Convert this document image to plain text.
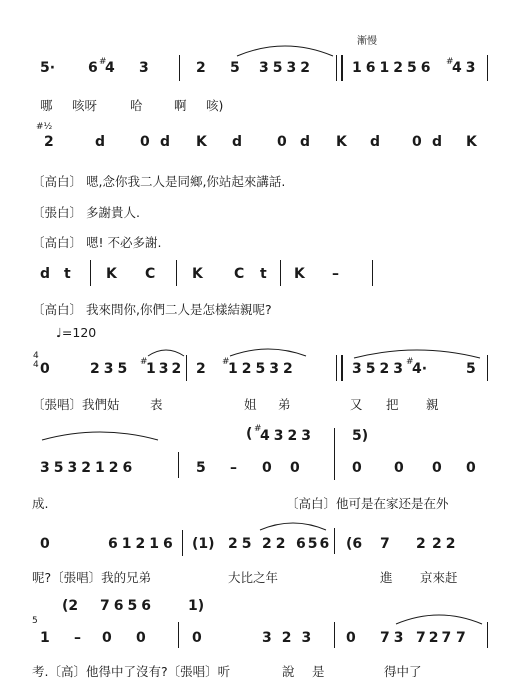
漸慢
5· 6 #
4 3	2 5 3532	161256 #
43
哪 咳呀	哈	啊 咳)
#½
2	d 0 d K d 0 d K d 0 d K
〔高白〕 嗯,念你我二人是同鄉,你站起來講話.
〔張白〕 多謝貴人.
〔高白〕 嗯! 不必多謝.
d t	K C	K C t K –
〔高白〕 我來問你,你們二人是怎樣結親呢?
♩=120
4
4 0	235 #
132 2 #
12532	3523 #
4·	5
〔張唱〕我們姑 表	姐 弟	又 把 親
( #
4323	5)
3532126	5 – 0 0	0 0 0 0
成.	〔高白〕他可是在家还是在外
0	61216 (1) 25 22 656 (6 7 2 22
呢?〔張唱〕我的兄弟	大比之年	進 京來赶
(2 7656 1)
5
1 – 0 0	0	323 0 73 727 7
考.〔高〕他得中了沒有?〔張唱〕听	說 是	得中了
